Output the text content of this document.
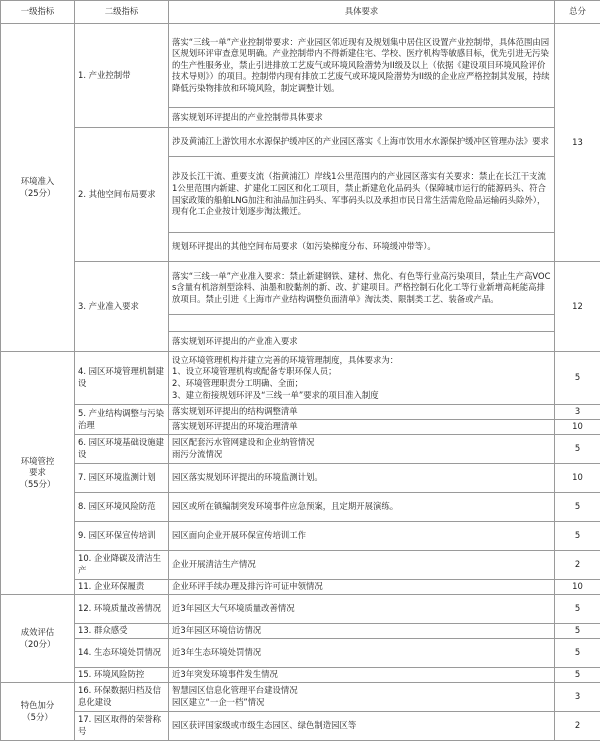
一级指标	二级指标	具体要求	总分
环境准入
（25分）	1. 产业控制带	落实“三线一单”产业控制带要求：产业园区邻近现有及规划集中居住区设置产业控制带，具体范围由园区规划环评审查意见明确。产业控制带内不得新建住宅、学校、医疗机构等敏感目标，优先引进无污染的生产性服务业，禁止引进排放工艺废气或环境风险潜势为II级及以上（依据《建设项目环境风险评价技术导则》）的项目。控制带内现有排放工艺废气或环境风险潜势为II级的企业应严格控制其发展，持续降低污染物排放和环境风险，制定调整计划。	13
		落实规划环评提出的产业控制带具体要求	
	2. 其他空间布局要求	涉及黄浦江上游饮用水水源保护缓冲区的产业园区落实《上海市饮用水水源保护缓冲区管理办法》要求	
		涉及长江干流、重要支流（指黄浦江）岸线1公里范围内的产业园区落实有关要求：禁止在长江干支流1公里范围内新建、扩建化工园区和化工项目，禁止新建危化品码头（保障城市运行的能源码头、符合国家政策的船舶LNG加注和油品加注码头、军事码头以及承担市民日常生活需危险品运输码头除外），现有化工企业按计划逐步淘汰搬迁。	
		规划环评提出的其他空间布局要求（如污染梯度分布、环境缓冲带等）。	
	3. 产业准入要求	落实“三线一单”产业准入要求：禁止新建钢铁、建材、焦化、有色等行业高污染项目，禁止生产高VOCs含量有机溶剂型涂料、油墨和胶黏剂的新、改、扩建项目。严格控制石化化工等行业新增高耗能高排放项目。禁止引进《上海市产业结构调整负面清单》淘汰类、限制类工艺、装备或产品。	12

		落实规划环评提出的产业准入要求	
环境管控
要求
（55分）	4. 园区环境管理机制建设	设立环境管理机构并建立完善的环境管理制度，具体要求为：
1、设立环境管理机构或配备专职环保人员；
2、环境管理职责分工明确、全面；
3、建立衔接规划环评及“三线一单”要求的项目准入制度	5
	5. 产业结构调整与污染治理	落实规划环评提出的结构调整清单	3
		落实规划环评提出的环境治理清单	10
	6. 园区环境基础设施建设	园区配套污水管网建设和企业纳管情况
雨污分流情况	5
	7. 园区环境监测计划	园区落实规划环评提出的环境监测计划。	10
	8. 园区环境风险防范	园区或所在镇编制突发环境事件应急预案，且定期开展演练。	5
	9. 园区环保宣传培训	园区面向企业开展环保宣传培训工作	5
	10. 企业降碳及清洁生产	企业开展清洁生产情况	2
	11. 企业环保履责	企业环评手续办理及排污许可证申领情况	10
成效评估
（20分）	12. 环境质量改善情况	近3年园区大气环境质量改善情况	5
	13. 群众感受	近3年园区环境信访情况	5
	14. 生态环境处罚情况	近3年生态环境处罚情况	5
	15. 环境风险防控	近3年突发环境事件发生情况	5
特色加分
（5分）	16. 环保数据归档及信息化建设	智慧园区信息化管理平台建设情况
园区建立“一企一档”情况	3
	17. 园区取得的荣誉称号	园区获评国家级或市级生态园区、绿色制造园区等	2
